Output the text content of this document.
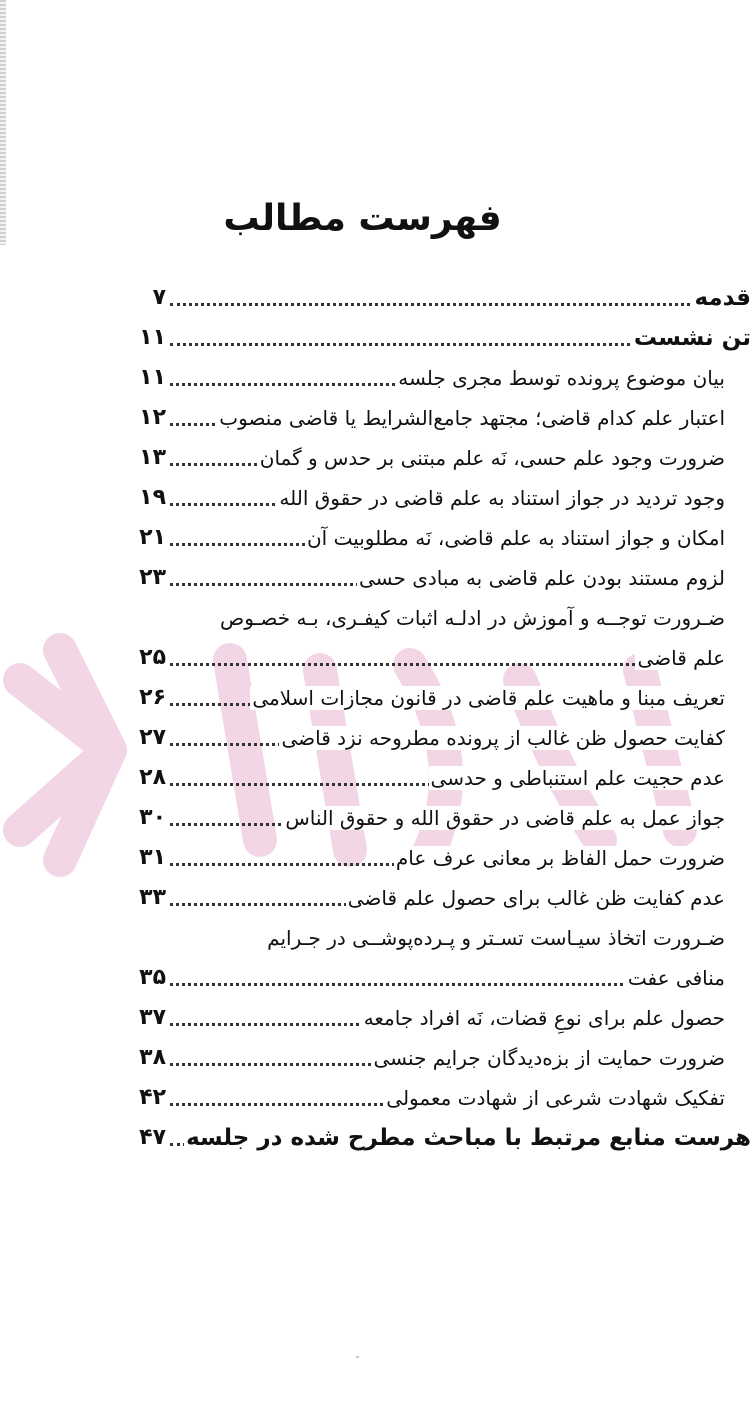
فهرست مطالب
قدمه
۷
تن نشست
۱۱
بیان موضوع پرونده توسط مجری جلسه
۱۱
اعتبار علم کدام قاضی؛ مجتهد جامع‌الشرایط یا قاضی منصوب
۱۲
ضرورت وجود علم حسی، نَه علم مبتنی بر حدس و گمان
۱۳
وجود تردید در جواز استناد به علم قاضی در حقوق الله
۱۹
امکان و جواز استناد به علم قاضی، نَه مطلوبیت آن
۲۱
لزوم مستند بودن علم قاضی به مبادی حسی
۲۳
ضـرورت توجــه و آموزش در ادلـه اثبات کیفـری، بـه خصـوص
علم قاضی
۲۵
تعریف مبنا و ماهیت علم قاضی در قانون مجازات اسلامی
۲۶
کفایت حصول ظن غالب از پرونده مطروحه نزد قاضی
۲۷
عدم حجیت علم استنباطی و حدسی
۲۸
جواز عمل به علم قاضی در حقوق الله و حقوق الناس
۳۰
ضرورت حمل الفاظ بر معانی عرف عام
۳۱
عدم کفایت ظن غالب برای حصول علم قاضی
۳۳
ضـرورت اتخاذ سیـاست تسـتر و پـرده‌پوشــی در جـرایم
منافی عفت
۳۵
حصول علم برای نوعِ قضات، نَه افراد جامعه
۳۷
ضرورت حمایت از بزه‌دیدگان جرایم جنسی
۳۸
تفکیک شهادت شرعی از شهادت معمولی
۴۲
هرست منابع مرتبط با مباحث مطرح شده در جلسه
۴۷
ˇ
